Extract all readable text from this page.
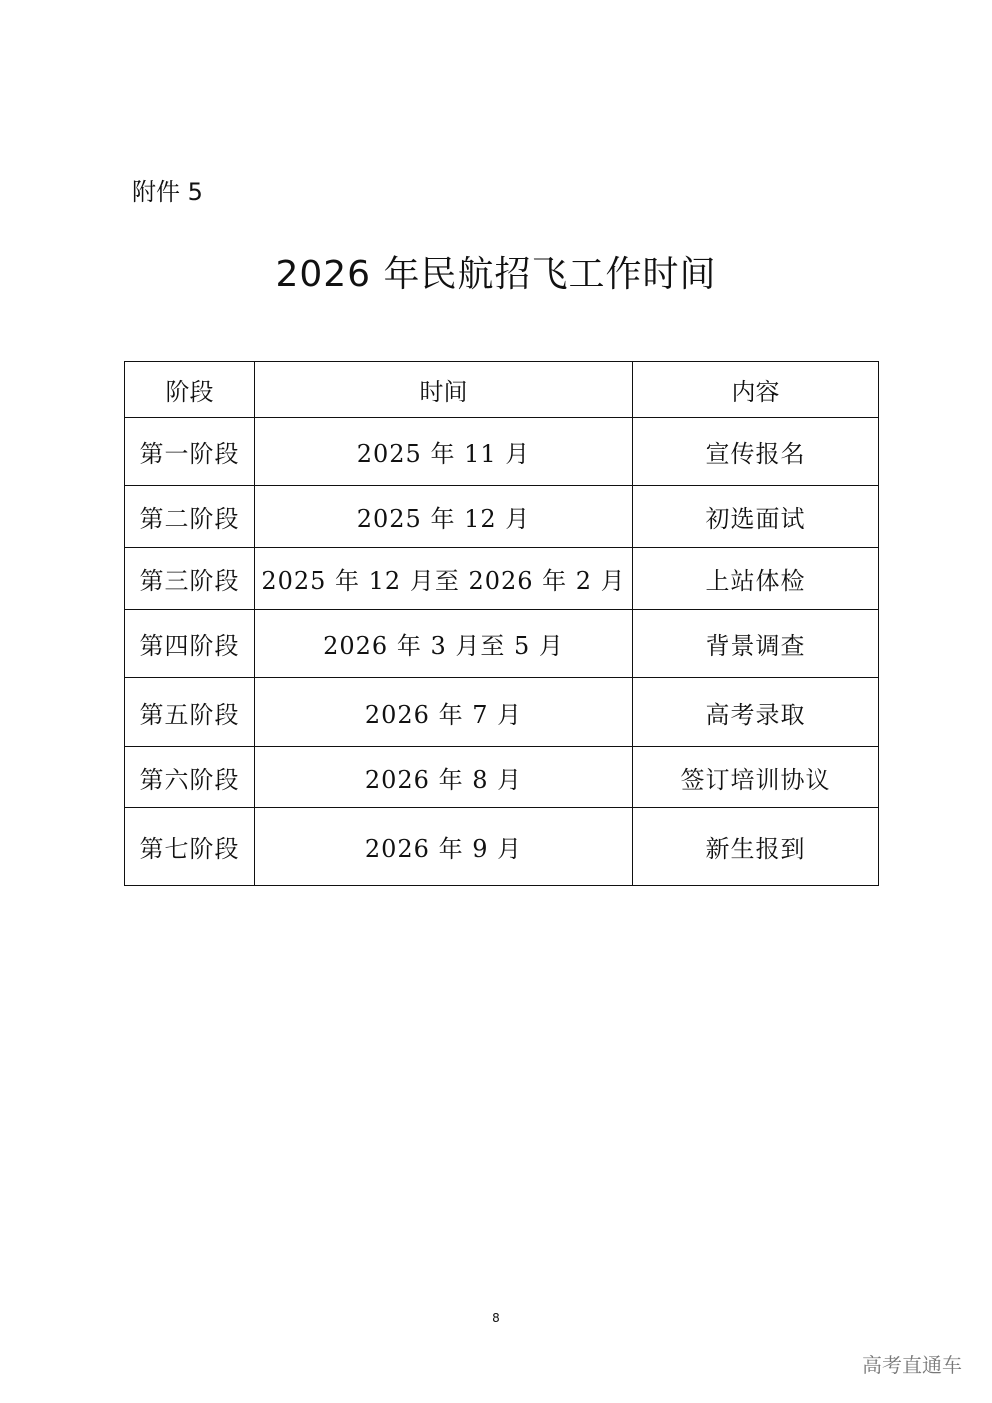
附件 5
2026 年民航招飞工作时间
阶段	时间	内容
第一阶段	2025 年 11 月	宣传报名
第二阶段	2025 年 12 月	初选面试
第三阶段	2025 年 12 月至 2026 年 2 月	上站体检
第四阶段	2026 年 3 月至 5 月	背景调查
第五阶段	2026 年 7 月	高考录取
第六阶段	2026 年 8 月	签订培训协议
第七阶段	2026 年 9 月	新生报到
8
高考直通车
